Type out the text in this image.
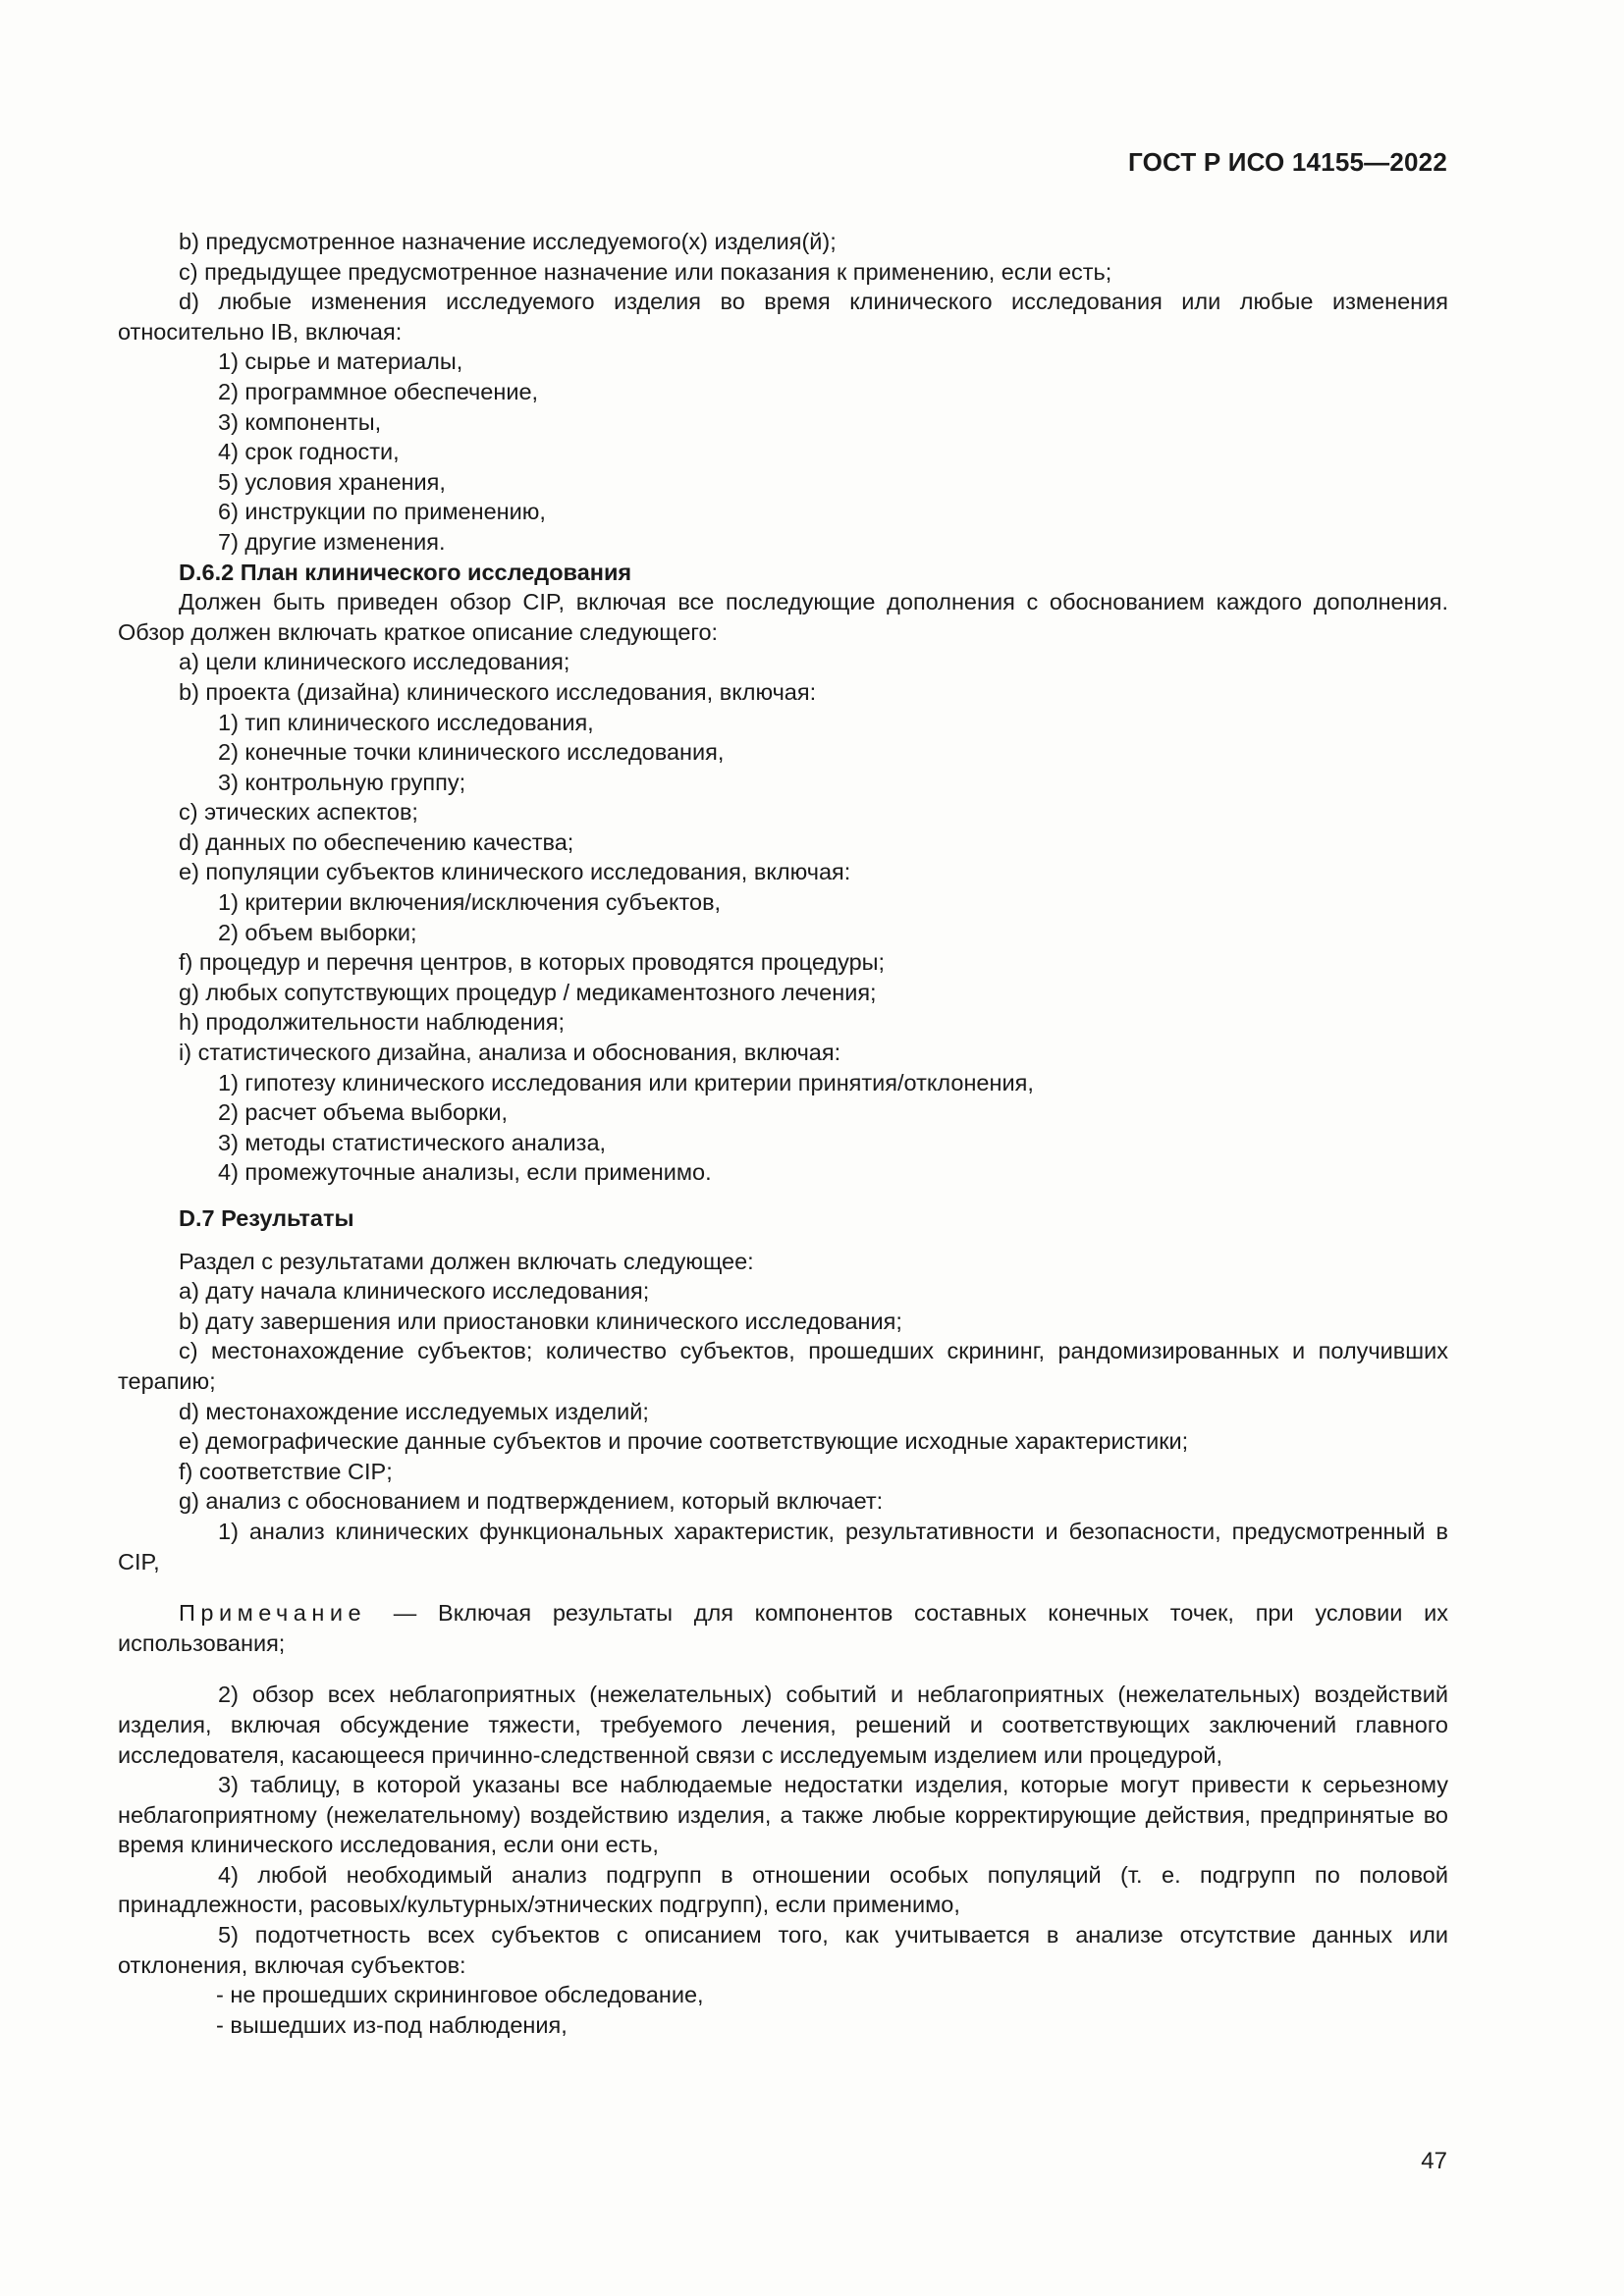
ГОСТ Р ИСО 14155—2022

b) предусмотренное назначение исследуемого(х) изделия(й);

c) предыдущее предусмотренное назначение или показания к применению, если есть;

d) любые изменения исследуемого изделия во время клинического исследования или любые изменения относительно IB, включая:

1) сырье и материалы,

2) программное обеспечение,

3) компоненты,

4) срок годности,

5) условия хранения,

6) инструкции по применению,

7) другие изменения.

D.6.2 План клинического исследования

Должен быть приведен обзор CIP, включая все последующие дополнения с обоснованием каждого дополнения. Обзор должен включать краткое описание следующего:

a) цели клинического исследования;

b) проекта (дизайна) клинического исследования, включая:

1) тип клинического исследования,

2) конечные точки клинического исследования,

3) контрольную группу;

c) этических аспектов;

d) данных по обеспечению качества;

e) популяции субъектов клинического исследования, включая:

1) критерии включения/исключения субъектов,

2) объем выборки;

f) процедур и перечня центров, в которых проводятся процедуры;

g) любых сопутствующих процедур / медикаментозного лечения;

h) продолжительности наблюдения;

i) статистического дизайна, анализа и обоснования, включая:

1) гипотезу клинического исследования или критерии принятия/отклонения,

2) расчет объема выборки,

3) методы статистического анализа,

4) промежуточные анализы, если применимо.

D.7 Результаты

Раздел с результатами должен включать следующее:

a) дату начала клинического исследования;

b) дату завершения или приостановки клинического исследования;

c) местонахождение субъектов; количество субъектов, прошедших скрининг, рандомизированных и получивших терапию;

d) местонахождение исследуемых изделий;

e) демографические данные субъектов и прочие соответствующие исходные характеристики;

f) соответствие CIP;

g) анализ с обоснованием и подтверждением, который включает:

1) анализ клинических функциональных характеристик, результативности и безопасности, предусмотренный в CIP,

Примечание — Включая результаты для компонентов составных конечных точек, при условии их использования;

2) обзор всех неблагоприятных (нежелательных) событий и неблагоприятных (нежелательных) воздействий изделия, включая обсуждение тяжести, требуемого лечения, решений и соответствующих заключений главного исследователя, касающееся причинно-следственной связи с исследуемым изделием или процедурой,

3) таблицу, в которой указаны все наблюдаемые недостатки изделия, которые могут привести к серьезному неблагоприятному (нежелательному) воздействию изделия, а также любые корректирующие действия, предпринятые во время клинического исследования, если они есть,

4) любой необходимый анализ подгрупп в отношении особых популяций (т. е. подгрупп по половой принадлежности, расовых/культурных/этнических подгрупп), если применимо,

5) подотчетность всех субъектов с описанием того, как учитывается в анализе отсутствие данных или отклонения, включая субъектов:

- не прошедших скрининговое обследование,

- вышедших из-под наблюдения,

47
